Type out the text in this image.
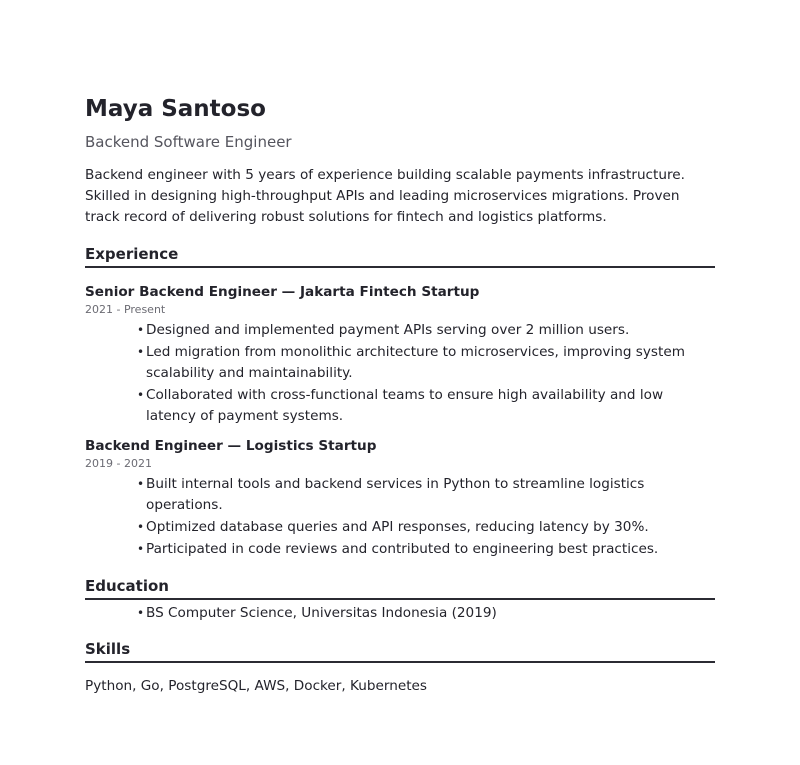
Maya Santoso
Backend Software Engineer
Backend engineer with 5 years of experience building scalable payments infrastructure. Skilled in designing high-throughput APIs and leading microservices migrations. Proven track record of delivering robust solutions for fintech and logistics platforms.
Experience
Senior Backend Engineer — Jakarta Fintech Startup
2021 - Present
• Designed and implemented payment APIs serving over 2 million users.
• Led migration from monolithic architecture to microservices, improving system scalability and maintainability.
• Collaborated with cross-functional teams to ensure high availability and low latency of payment systems.
Backend Engineer — Logistics Startup
2019 - 2021
• Built internal tools and backend services in Python to streamline logistics operations.
• Optimized database queries and API responses, reducing latency by 30%.
• Participated in code reviews and contributed to engineering best practices.
Education
• BS Computer Science, Universitas Indonesia (2019)
Skills
Python, Go, PostgreSQL, AWS, Docker, Kubernetes
